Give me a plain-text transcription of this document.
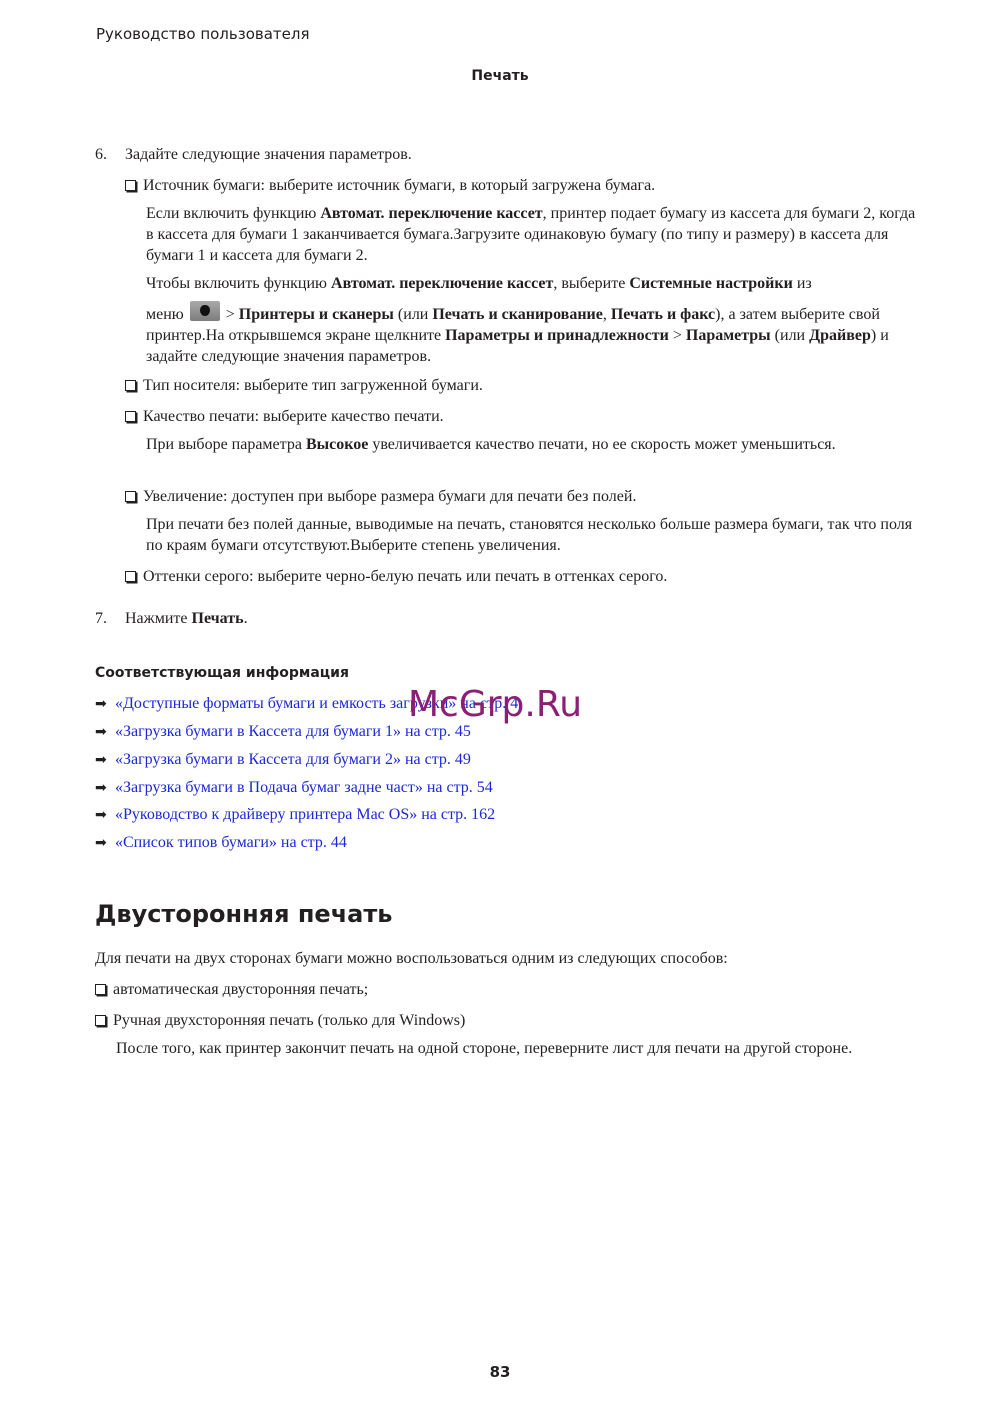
Руководство пользователя
Печать
6. Задайте следующие значения параметров.
Источник бумаги: выберите источник бумаги, в который загружена бумага.
Если включить функцию Автомат. переключение кассет, принтер подает бумагу из кассета для бумаги 2, когда в кассета для бумаги 1 заканчивается бумага.Загрузите одинаковую бумагу (по типу и размеру) в кассета для бумаги 1 и кассета для бумаги 2.
Чтобы включить функцию Автомат. переключение кассет, выберите Системные настройки из
меню  > Принтеры и сканеры (или Печать и сканирование, Печать и факс), а затем выберите свой принтер.На открывшемся экране щелкните Параметры и принадлежности > Параметры (или Драйвер) и задайте следующие значения параметров.
Тип носителя: выберите тип загруженной бумаги.
Качество печати: выберите качество печати.
При выборе параметра Высокое увеличивается качество печати, но ее скорость может уменьшиться.
Увеличение: доступен при выборе размера бумаги для печати без полей.
При печати без полей данные, выводимые на печать, становятся несколько больше размера бумаги, так что поля по краям бумаги отсутствуют.Выберите степень увеличения.
Оттенки серого: выберите черно-белую печать или печать в оттенках серого.
7. Нажмите Печать.
Соответствующая информация
➡ «Доступные форматы бумаги и емкость загрузки» на стр. 4
➡ «Загрузка бумаги в Кассета для бумаги 1» на стр. 45
➡ «Загрузка бумаги в Кассета для бумаги 2» на стр. 49
➡ «Загрузка бумаги в Подача бумаг задне част» на стр. 54
➡ «Руководство к драйверу принтера Mac OS» на стр. 162
➡ «Список типов бумаги» на стр. 44
McGrp.Ru
Двусторонняя печать
Для печати на двух сторонах бумаги можно воспользоваться одним из следующих способов:
автоматическая двусторонняя печать;
Ручная двухсторонняя печать (только для Windows)
После того, как принтер закончит печать на одной стороне, переверните лист для печати на другой стороне.
83
